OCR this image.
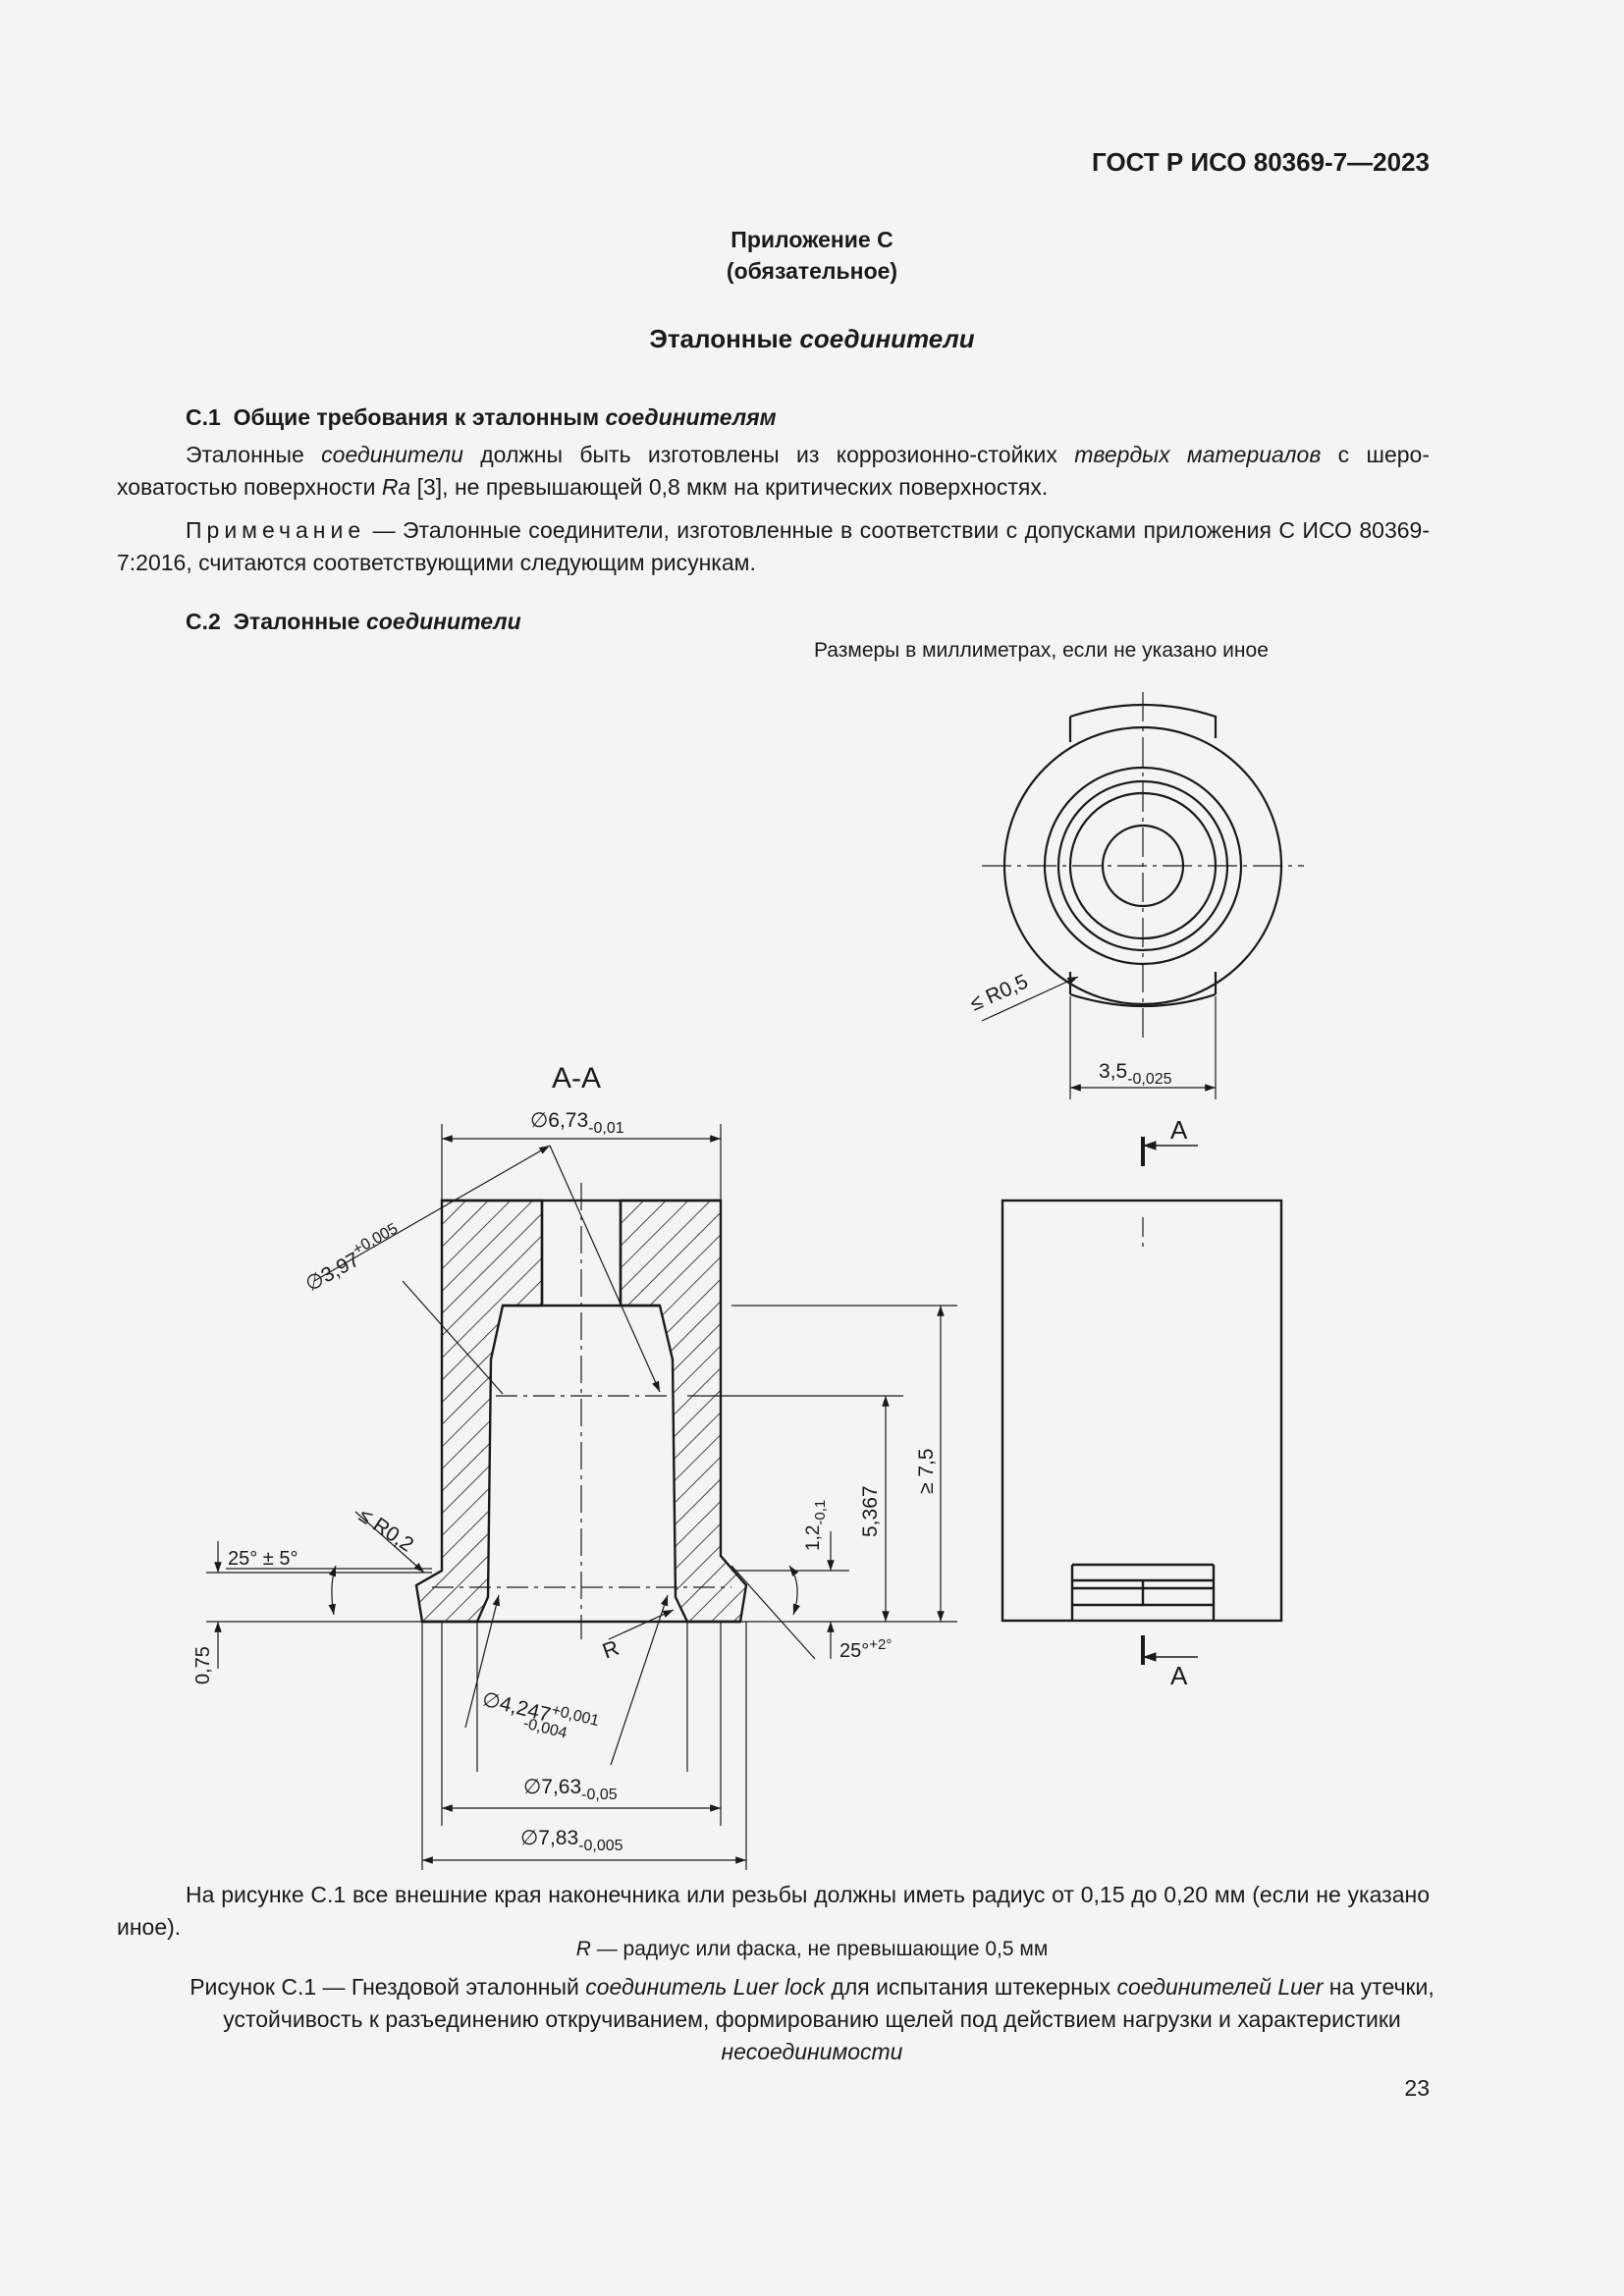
ГОСТ Р ИСО 80369-7—2023
Приложение С
(обязательное)
Эталонные соединители
С.1 Общие требования к эталонным соединителям
Эталонные соединители должны быть изготовлены из коррозионно-стойких твердых материалов с шероховатостью поверхности Ra [3], не превышающей 0,8 мкм на критических поверхностях.
Примечание — Эталонные соединители, изготовленные в соответствии с допусками приложения С ИСО 80369-7:2016, считаются соответствующими следующим рисункам.
С.2 Эталонные соединители
Размеры в миллиметрах, если не указано иное
≤ R0,5
$3,5_{-0,025}$
А
А
А-А
$\emptyset 6,73_{-0,01}$
$\emptyset 3,97^{+0,005}$
≤ R0,2
25° ± 5°
0,75	R
$\emptyset 4,247^{+0,001}-0,004$
$\emptyset 7,63_{-0,05}$
$\emptyset 7,83_{-0,005}$
$1,2_{-0,1}$ 5,367
≥ 7,5
25°$^{+2^\circ}$
На рисунке С.1 все внешние края наконечника или резьбы должны иметь радиус от 0,15 до 0,20 мм (если не указано иное).
R — радиус или фаска, не превышающие 0,5 мм
Рисунок С.1 — Гнездовой эталонный соединитель Luer lock для испытания штекерных соединителей Luer на утечки, устойчивость к разъединению откручиванием, формированию щелей под действием нагрузки и характеристики несоединимости
23
